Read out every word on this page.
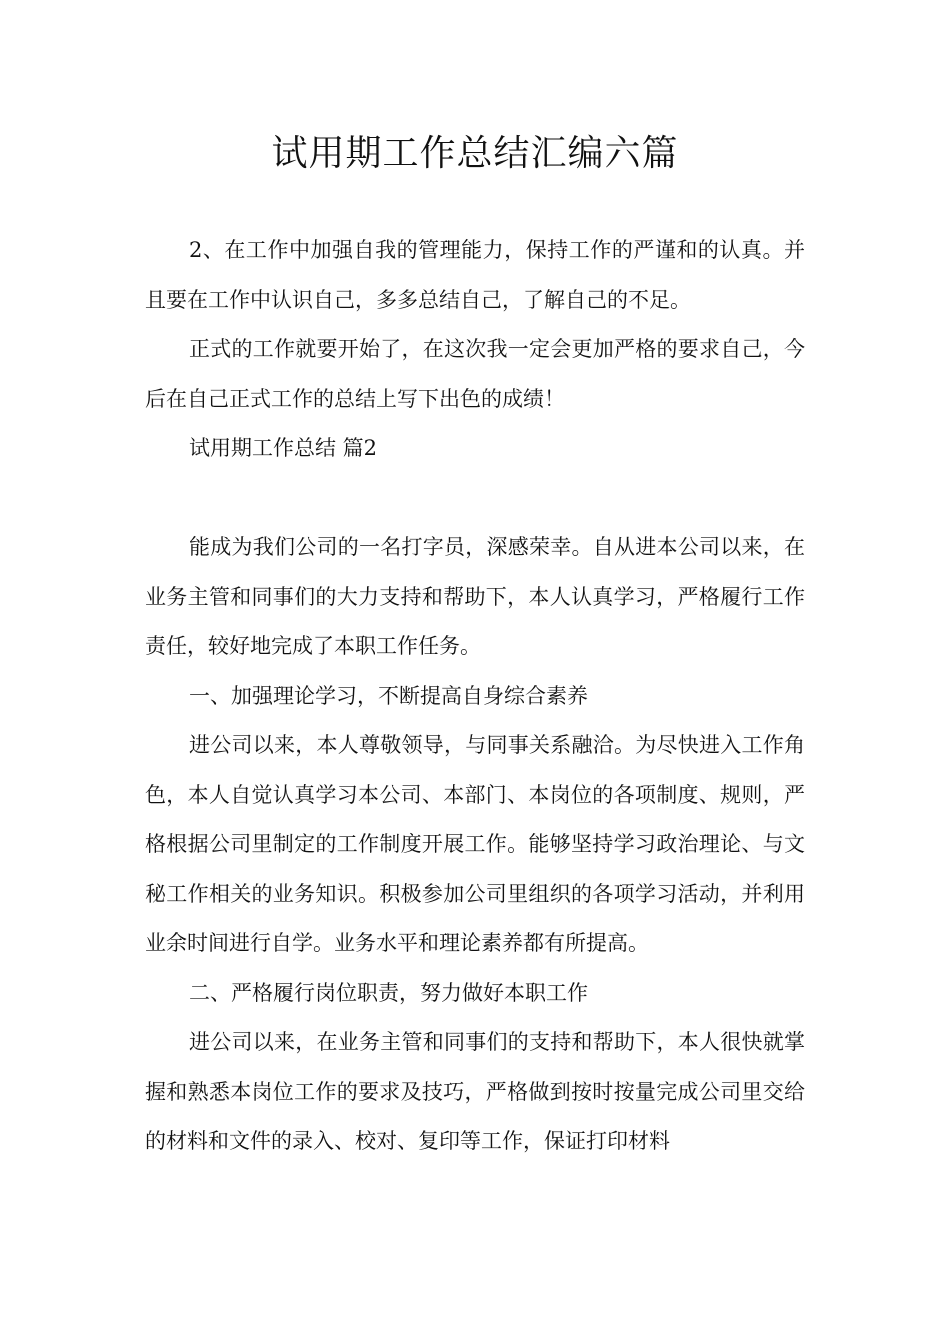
试用期工作总结汇编六篇

2、在工作中加强自我的管理能力，保持工作的严谨和的认真。并且要在工作中认识自己，多多总结自己，了解自己的不足。

正式的工作就要开始了，在这次我一定会更加严格的要求自己，今后在自己正式工作的总结上写下出色的成绩！

试用期工作总结 篇2

能成为我们公司的一名打字员，深感荣幸。自从进本公司以来，在业务主管和同事们的大力支持和帮助下，本人认真学习，严格履行工作责任，较好地完成了本职工作任务。

一、加强理论学习，不断提高自身综合素养

进公司以来，本人尊敬领导，与同事关系融洽。为尽快进入工作角色，本人自觉认真学习本公司、本部门、本岗位的各项制度、规则，严格根据公司里制定的工作制度开展工作。能够坚持学习政治理论、与文秘工作相关的业务知识。积极参加公司里组织的各项学习活动，并利用业余时间进行自学。业务水平和理论素养都有所提高。

二、严格履行岗位职责，努力做好本职工作

进公司以来，在业务主管和同事们的支持和帮助下，本人很快就掌握和熟悉本岗位工作的要求及技巧，严格做到按时按量完成公司里交给的材料和文件的录入、校对、复印等工作，保证打印材料
